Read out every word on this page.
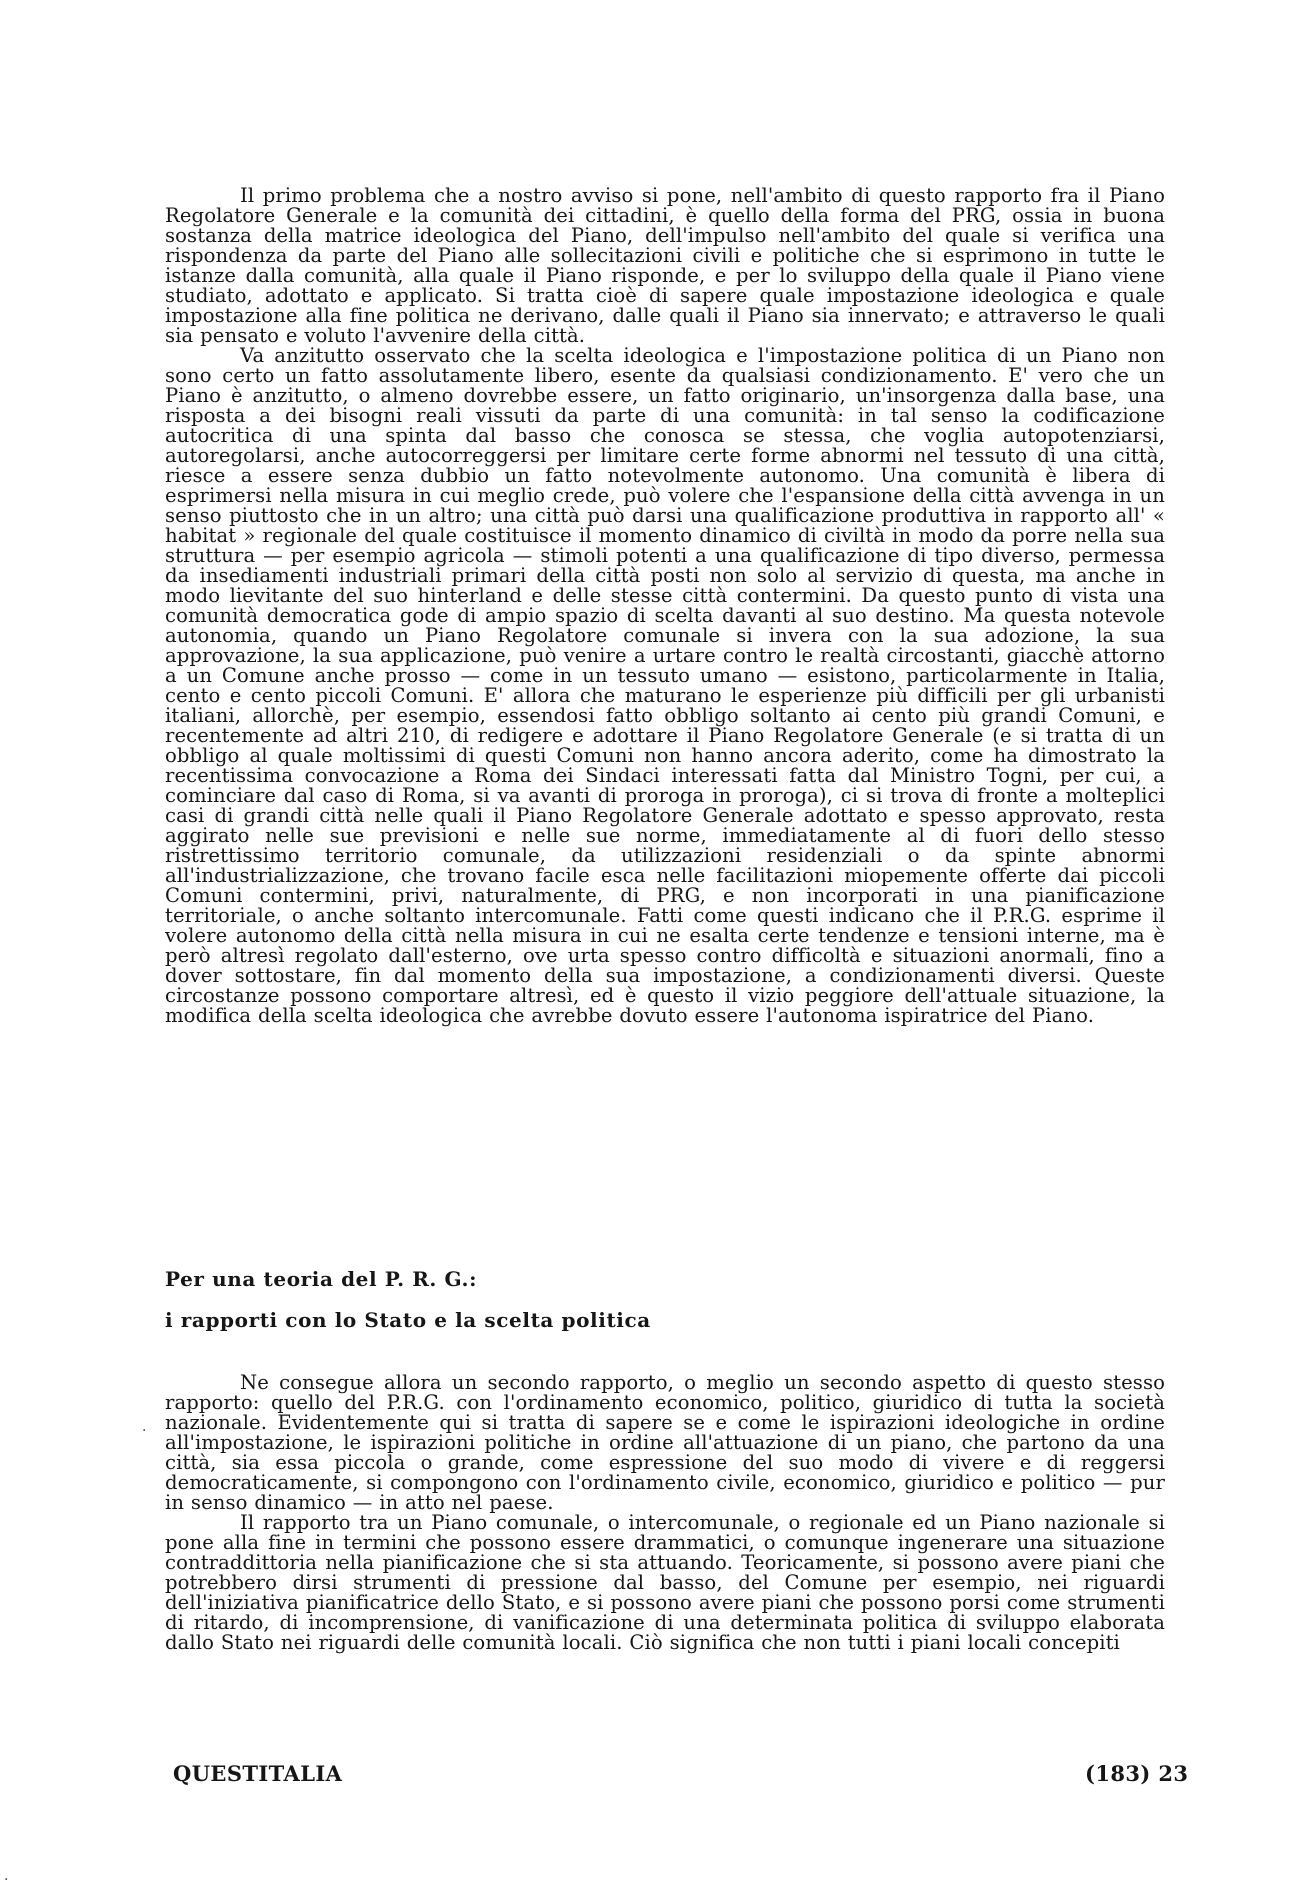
Il primo problema che a nostro avviso si pone, nell'ambito di questo rapporto fra il Piano Regolatore Generale e la comunità dei cittadini, è quello della forma del PRG, ossia in buona sostanza della matrice ideologica del Piano, dell'impulso nell'ambito del quale si verifica una rispondenza da parte del Piano alle sollecitazioni civili e politiche che si esprimono in tutte le istanze dalla comunità, alla quale il Piano risponde, e per lo sviluppo della quale il Piano viene studiato, adottato e applicato. Si tratta cioè di sapere quale impostazione ideologica e quale impostazione alla fine politica ne derivano, dalle quali il Piano sia innervato; e attraverso le quali sia pensato e voluto l'avvenire della città.

Va anzitutto osservato che la scelta ideologica e l'impostazione politica di un Piano non sono certo un fatto assolutamente libero, esente da qualsiasi condizionamento. E' vero che un Piano è anzitutto, o almeno dovrebbe essere, un fatto originario, un'insorgenza dalla base, una risposta a dei bisogni reali vissuti da parte di una comunità: in tal senso la codificazione autocritica di una spinta dal basso che conosca se stessa, che voglia autopotenziarsi, autoregolarsi, anche autocorreggersi per limitare certe forme abnormi nel tessuto di una città, riesce a essere senza dubbio un fatto notevolmente autonomo. Una comunità è libera di esprimersi nella misura in cui meglio crede, può volere che l'espansione della città avvenga in un senso piuttosto che in un altro; una città può darsi una qualificazione produttiva in rapporto all' « habitat » regionale del quale costituisce il momento dinamico di civiltà in modo da porre nella sua struttura — per esempio agricola — stimoli potenti a una qualificazione di tipo diverso, permessa da insediamenti industriali primari della città posti non solo al servizio di questa, ma anche in modo lievitante del suo hinterland e delle stesse città contermini. Da questo punto di vista una comunità democratica gode di ampio spazio di scelta davanti al suo destino. Ma questa notevole autonomia, quando un Piano Regolatore comunale si invera con la sua adozione, la sua approvazione, la sua applicazione, può venire a urtare contro le realtà circostanti, giacchè attorno a un Comune anche prosso — come in un tessuto umano — esistono, particolarmente in Italia, cento e cento piccoli Comuni. E' allora che maturano le esperienze più difficili per gli urbanisti italiani, allorchè, per esempio, essendosi fatto obbligo soltanto ai cento più grandi Comuni, e recentemente ad altri 210, di redigere e adottare il Piano Regolatore Generale (e si tratta di un obbligo al quale moltissimi di questi Comuni non hanno ancora aderito, come ha dimostrato la recentissima convocazione a Roma dei Sindaci interessati fatta dal Ministro Togni, per cui, a cominciare dal caso di Roma, si va avanti di proroga in proroga), ci si trova di fronte a molteplici casi di grandi città nelle quali il Piano Regolatore Generale adottato e spesso approvato, resta aggirato nelle sue previsioni e nelle sue norme, immediatamente al di fuori dello stesso ristrettissimo territorio comunale, da utilizzazioni residenziali o da spinte abnormi all'industrializzazione, che trovano facile esca nelle facilitazioni miopemente offerte dai piccoli Comuni contermini, privi, naturalmente, di PRG, e non incorporati in una pianificazione territoriale, o anche soltanto intercomunale. Fatti come questi indicano che il P.R.G. esprime il volere autonomo della città nella misura in cui ne esalta certe tendenze e tensioni interne, ma è però altresì regolato dall'esterno, ove urta spesso contro difficoltà e situazioni anormali, fino a dover sottostare, fin dal momento della sua impostazione, a condizionamenti diversi. Queste circostanze possono comportare altresì, ed è questo il vizio peggiore dell'attuale situazione, la modifica della scelta ideologica che avrebbe dovuto essere l'autonoma ispiratrice del Piano.

Per una teoria del P. R. G.:
i rapporti con lo Stato e la scelta politica

Ne consegue allora un secondo rapporto, o meglio un secondo aspetto di questo stesso rapporto: quello del P.R.G. con l'ordinamento economico, politico, giuridico di tutta la società nazionale. Evidentemente qui si tratta di sapere se e come le ispirazioni ideologiche in ordine all'impostazione, le ispirazioni politiche in ordine all'attuazione di un piano, che partono da una città, sia essa piccola o grande, come espressione del suo modo di vivere e di reggersi democraticamente, si compongono con l'ordinamento civile, economico, giuridico e politico — pur in senso dinamico — in atto nel paese.

Il rapporto tra un Piano comunale, o intercomunale, o regionale ed un Piano nazionale si pone alla fine in termini che possono essere drammatici, o comunque ingenerare una situazione contraddittoria nella pianificazione che si sta attuando. Teoricamente, si possono avere piani che potrebbero dirsi strumenti di pressione dal basso, del Comune per esempio, nei riguardi dell'iniziativa pianificatrice dello Stato, e si possono avere piani che possono porsi come strumenti di ritardo, di incomprensione, di vanificazione di una determinata politica di sviluppo elaborata dallo Stato nei riguardi delle comunità locali. Ciò significa che non tutti i piani locali concepiti

QUESTITALIA	(183) 23
·
·
